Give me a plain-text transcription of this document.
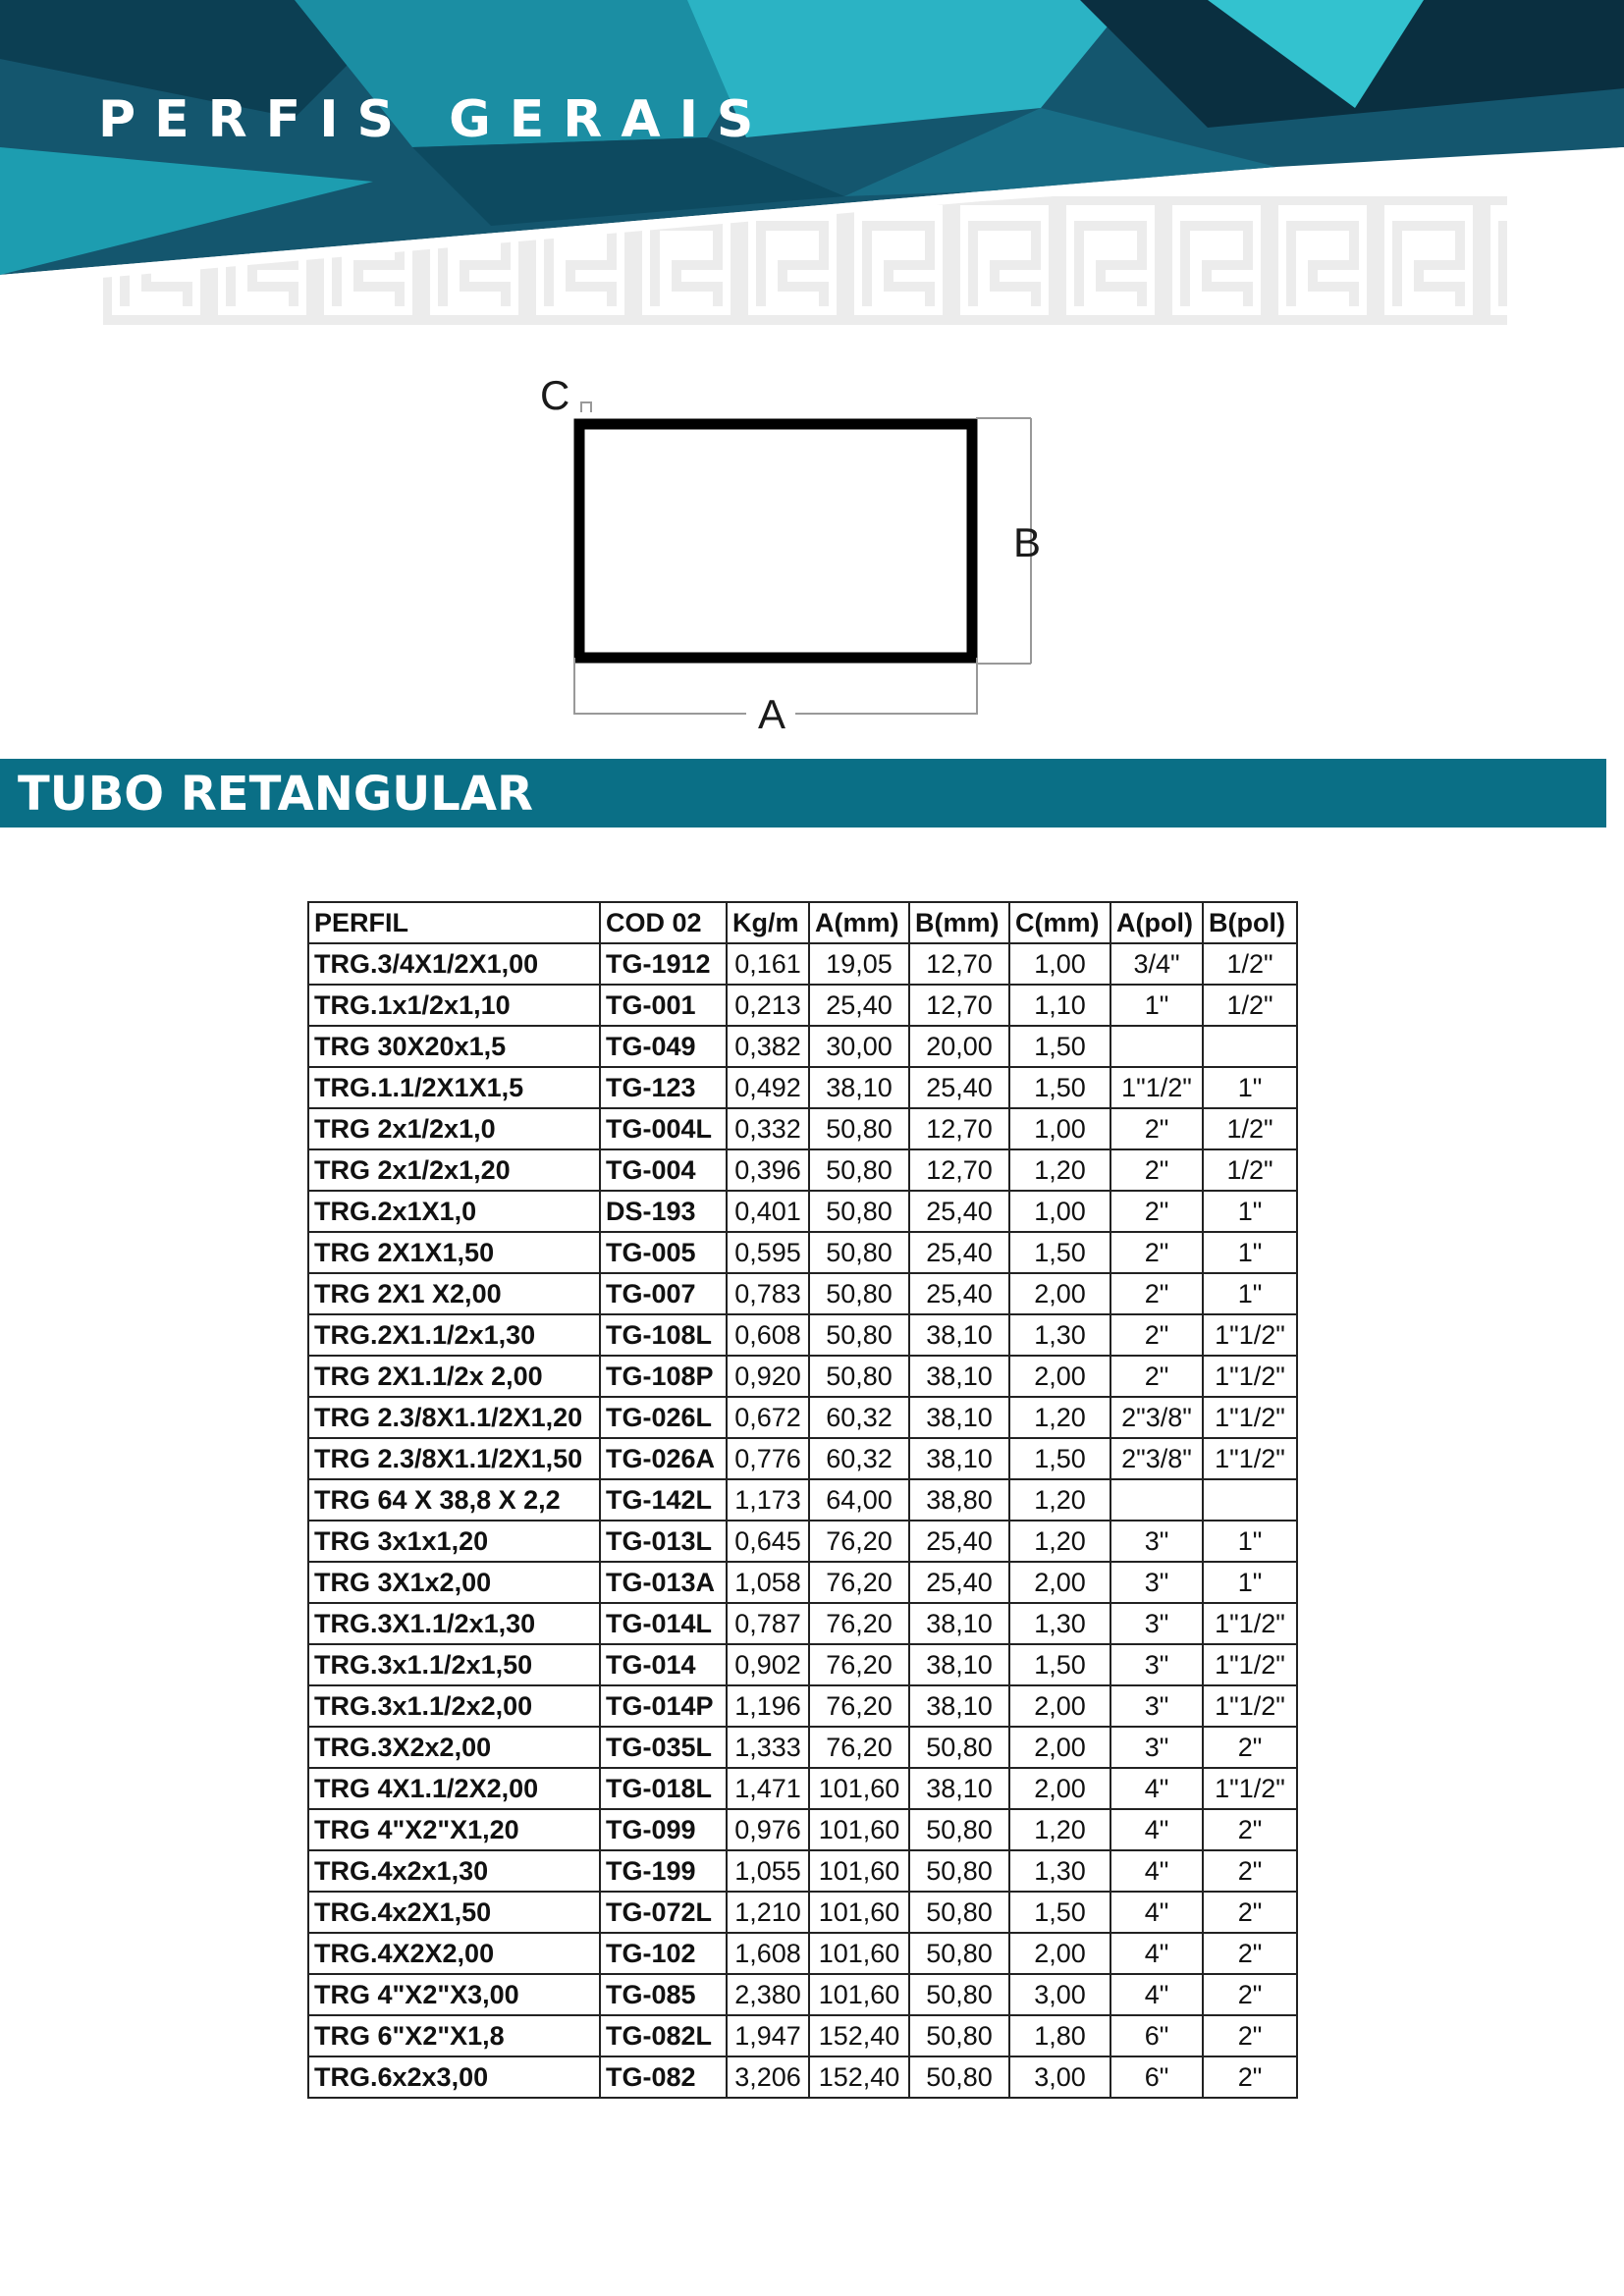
PERFIS GERAIS
C
B
A
TUBO RETANGULAR
PERFIL	COD 02	Kg/m	A(mm)	B(mm)	C(mm)	A(pol)	B(pol)
TRG.3/4X1/2X1,00	TG-1912	0,161	19,05	12,70	1,00	3/4"	1/2"
TRG.1x1/2x1,10	TG-001	0,213	25,40	12,70	1,10	1"	1/2"
TRG 30X20x1,5	TG-049	0,382	30,00	20,00	1,50		
TRG.1.1/2X1X1,5	TG-123	0,492	38,10	25,40	1,50	1"1/2"	1"
TRG 2x1/2x1,0	TG-004L	0,332	50,80	12,70	1,00	2"	1/2"
TRG 2x1/2x1,20	TG-004	0,396	50,80	12,70	1,20	2"	1/2"
TRG.2x1X1,0	DS-193	0,401	50,80	25,40	1,00	2"	1"
TRG 2X1X1,50	TG-005	0,595	50,80	25,40	1,50	2"	1"
TRG 2X1 X2,00	TG-007	0,783	50,80	25,40	2,00	2"	1"
TRG.2X1.1/2x1,30	TG-108L	0,608	50,80	38,10	1,30	2"	1"1/2"
TRG 2X1.1/2x 2,00	TG-108P	0,920	50,80	38,10	2,00	2"	1"1/2"
TRG 2.3/8X1.1/2X1,20	TG-026L	0,672	60,32	38,10	1,20	2"3/8"	1"1/2"
TRG 2.3/8X1.1/2X1,50	TG-026A	0,776	60,32	38,10	1,50	2"3/8"	1"1/2"
TRG 64 X 38,8 X 2,2	TG-142L	1,173	64,00	38,80	1,20		
TRG 3x1x1,20	TG-013L	0,645	76,20	25,40	1,20	3"	1"
TRG 3X1x2,00	TG-013A	1,058	76,20	25,40	2,00	3"	1"
TRG.3X1.1/2x1,30	TG-014L	0,787	76,20	38,10	1,30	3"	1"1/2"
TRG.3x1.1/2x1,50	TG-014	0,902	76,20	38,10	1,50	3"	1"1/2"
TRG.3x1.1/2x2,00	TG-014P	1,196	76,20	38,10	2,00	3"	1"1/2"
TRG.3X2x2,00	TG-035L	1,333	76,20	50,80	2,00	3"	2"
TRG 4X1.1/2X2,00	TG-018L	1,471	101,60	38,10	2,00	4"	1"1/2"
TRG 4"X2"X1,20	TG-099	0,976	101,60	50,80	1,20	4"	2"
TRG.4x2x1,30	TG-199	1,055	101,60	50,80	1,30	4"	2"
TRG.4x2X1,50	TG-072L	1,210	101,60	50,80	1,50	4"	2"
TRG.4X2X2,00	TG-102	1,608	101,60	50,80	2,00	4"	2"
TRG 4"X2"X3,00	TG-085	2,380	101,60	50,80	3,00	4"	2"
TRG 6"X2"X1,8	TG-082L	1,947	152,40	50,80	1,80	6"	2"
TRG.6x2x3,00	TG-082	3,206	152,40	50,80	3,00	6"	2"
